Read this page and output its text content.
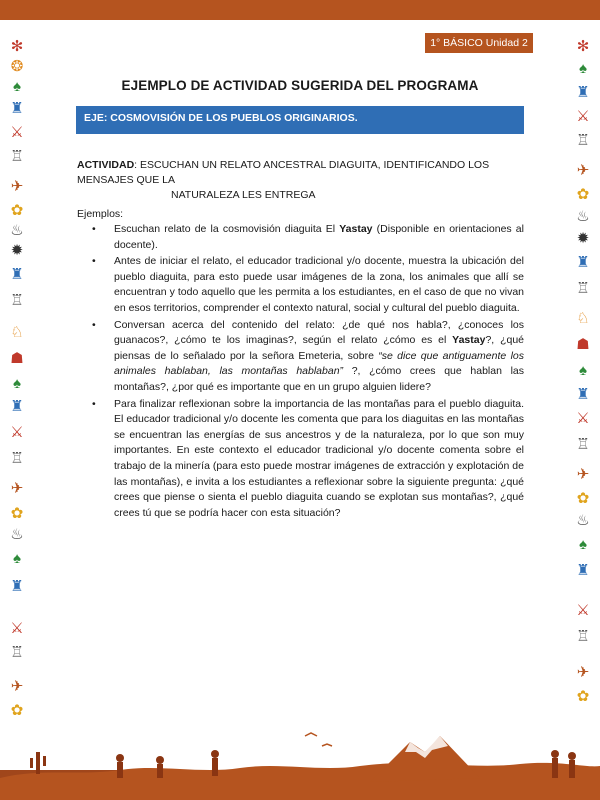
1° BÁSICO Unidad 2
✻
❂
♠
♜
⚔
♖
✈
✿
♨
✹
♜
♖
♘
☗
♠
♜
⚔
♖
✈
✿
♨
♠
♜
⚔
♖
✈
✿
✻
♠
♜
⚔
♖
✈
✿
♨
✹
♜
♖
♘
☗
♠
♜
⚔
♖
✈
✿
♨
♠
♜
⚔
♖
✈
✿
EJEMPLO DE ACTIVIDAD SUGERIDA DEL PROGRAMA
EJE: COSMOVISIÓN DE LOS PUEBLOS ORIGINARIOS.
ACTIVIDAD: ESCUCHAN UN RELATO ANCESTRAL DIAGUITA, IDENTIFICANDO LOS MENSAJES QUE LA
NATURALEZA LES ENTREGA
Ejemplos:
• Escuchan relato de la cosmovisión diaguita El Yastay (Disponible en orientaciones al docente).
• Antes de iniciar el relato, el educador tradicional y/o docente, muestra la ubicación del pueblo diaguita, para esto puede usar imágenes de la zona, los animales que allí se encuentran y todo aquello que les permita a los estudiantes, en el caso de que no vivan en esos territorios, comprender el contexto natural, social y cultural del pueblo diaguita.
• Conversan acerca del contenido del relato: ¿de qué nos habla?, ¿conoces los guanacos?, ¿cómo te los imaginas?, según el relato ¿cómo es el Yastay?, ¿qué piensas de lo señalado por la señora Emeteria, sobre “se dice que antiguamente los animales hablaban, las montañas hablaban” ?, ¿cómo crees que hablan las montañas?, ¿por qué es importante que en un grupo alguien lidere?
• Para finalizar reflexionan sobre la importancia de las montañas para el pueblo diaguita. El educador tradicional y/o docente les comenta que para los diaguitas en las montañas se encuentran las energías de sus ancestros y de la naturaleza, por lo que son muy importantes. En este contexto el educador tradicional y/o docente comenta sobre el trabajo de la minería (para esto puede mostrar imágenes de extracción y explotación de las montañas), e invita a los estudiantes a reflexionar sobre la siguiente pregunta: ¿qué crees que piense o sienta el pueblo diaguita cuando se explotan sus montañas?, ¿qué crees tú que se podría hacer con esta situación?
